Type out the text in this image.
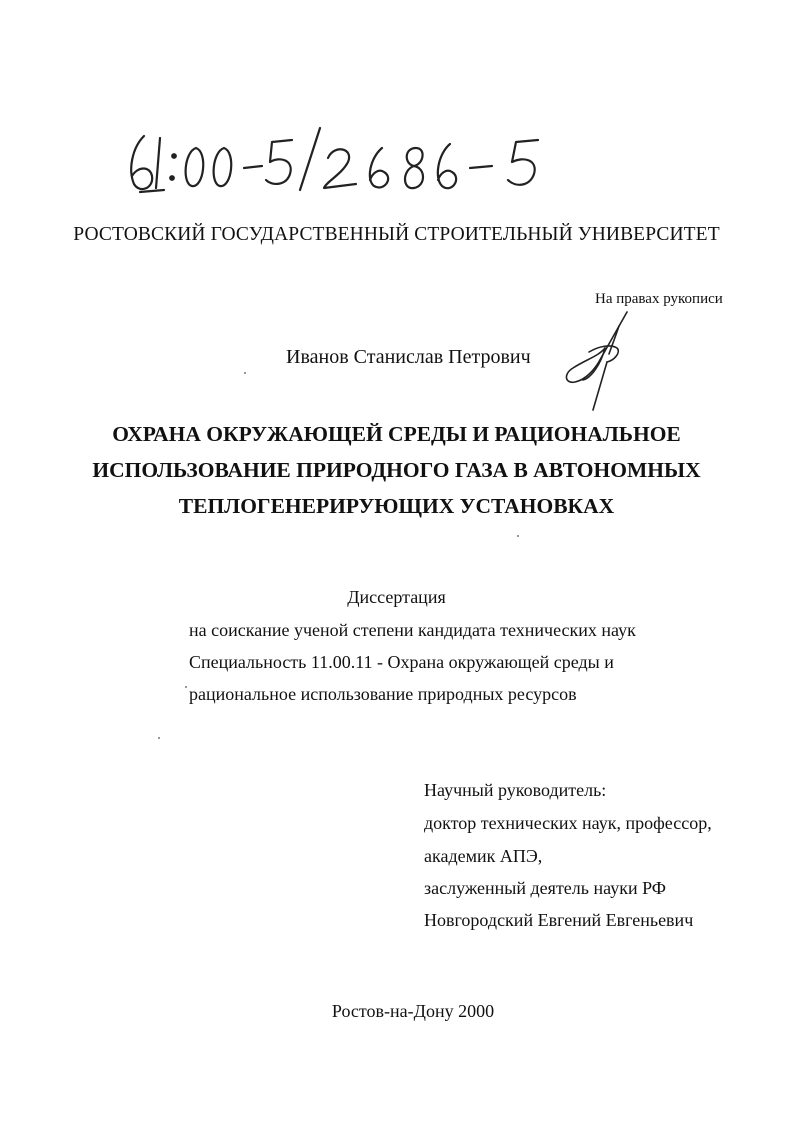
РОСТОВСКИЙ ГОСУДАРСТВЕННЫЙ СТРОИТЕЛЬНЫЙ УНИВЕРСИТЕТ
На правах рукописи
Иванов Станислав Петрович
ОХРАНА ОКРУЖАЮЩЕЙ СРЕДЫ И РАЦИОНАЛЬНОЕ
ИСПОЛЬЗОВАНИЕ ПРИРОДНОГО ГАЗА В АВТОНОМНЫХ
ТЕПЛОГЕНЕРИРУЮЩИХ УСТАНОВКАХ
Диссертация
на соискание ученой степени кандидата технических наук
Специальность 11.00.11 - Охрана окружающей среды и
рациональное использование природных ресурсов
Научный руководитель:
доктор технических наук, профессор,
академик АПЭ,
заслуженный деятель науки РФ
Новгородский Евгений Евгеньевич
Ростов-на-Дону 2000
